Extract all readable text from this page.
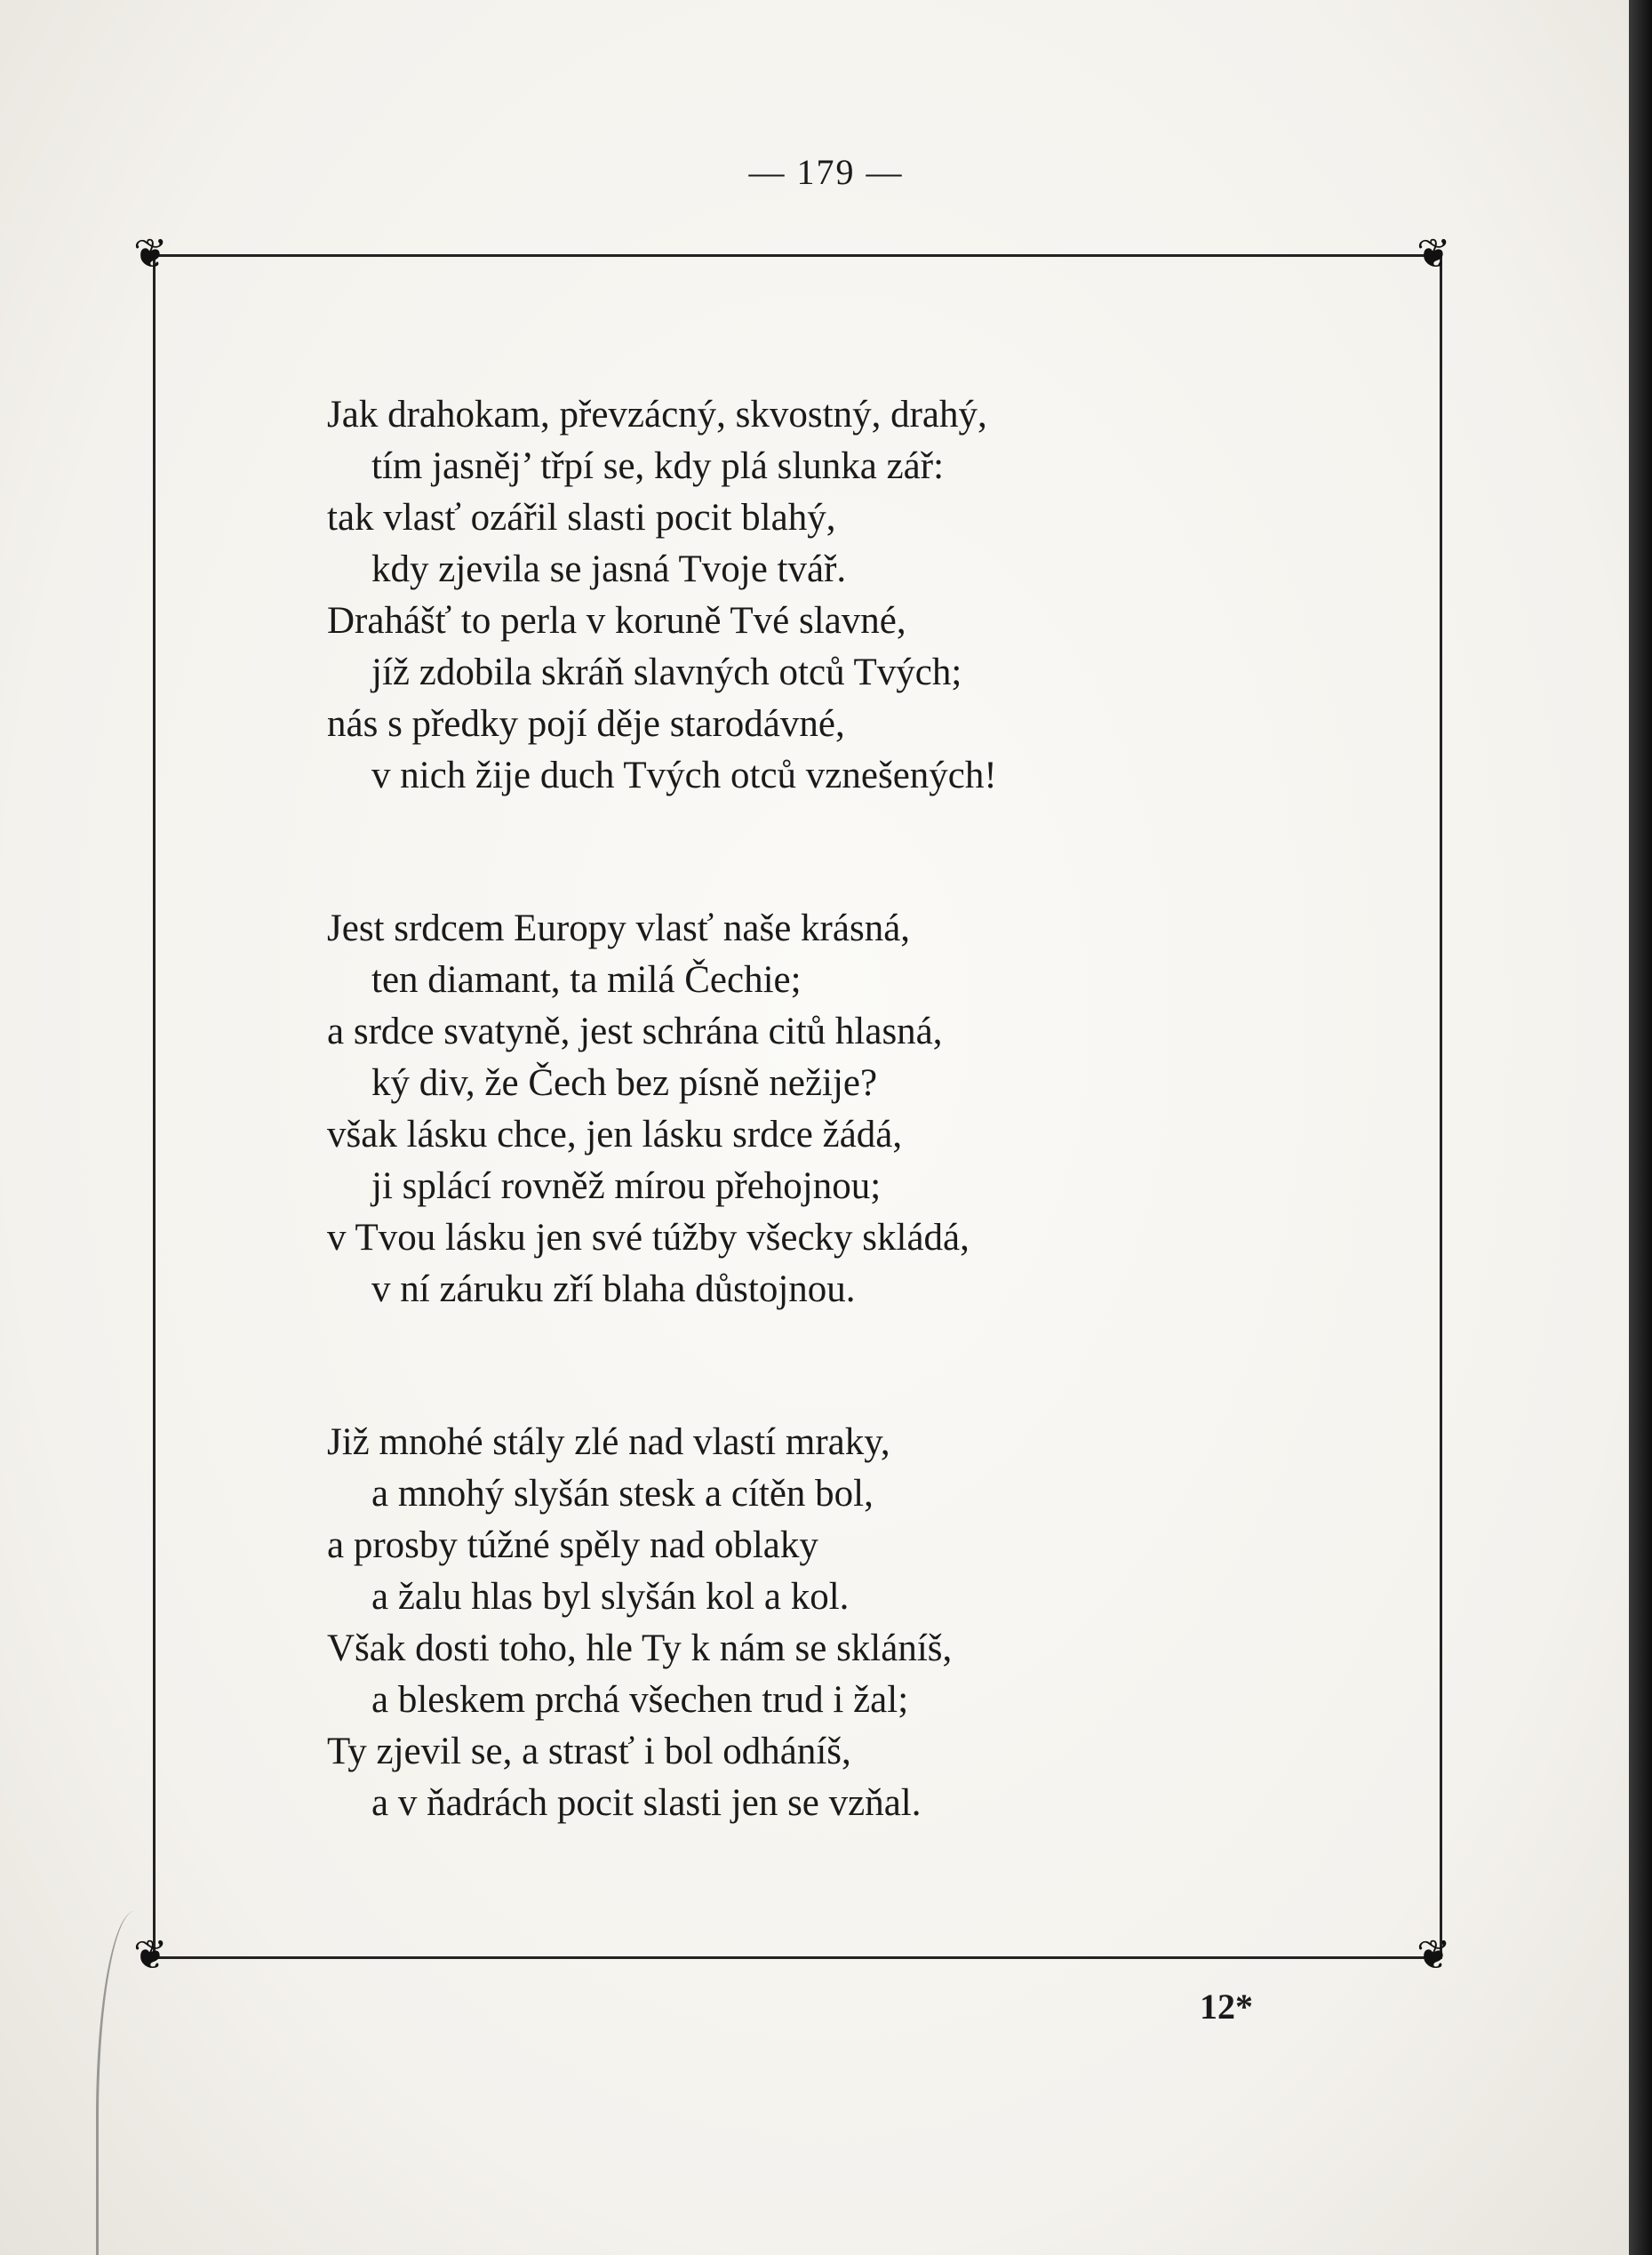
— 179 —
❦	❦
❦	❦
Jak drahokam, převzácný, skvostný, drahý,
tím jasněj’ třpí se, kdy plá slunka zář:
tak vlasť ozářil slasti pocit blahý,
kdy zjevila se jasná Tvoje tvář.
Drahášť to perla v koruně Tvé slavné,
jíž zdobila skráň slavných otců Tvých;
nás s předky pojí děje starodávné,
v nich žije duch Tvých otců vznešených!
Jest srdcem Europy vlasť naše krásná,
ten diamant, ta milá Čechie;
a srdce svatyně, jest schrána citů hlasná,
ký div, že Čech bez písně nežije?
však lásku chce, jen lásku srdce žádá,
ji splácí rovněž mírou přehojnou;
v Tvou lásku jen své túžby všecky skládá,
v ní záruku zří blaha důstojnou.
Již mnohé stály zlé nad vlastí mraky,
a mnohý slyšán stesk a cítěn bol,
a prosby túžné spěly nad oblaky
a žalu hlas byl slyšán kol a kol.
Však dosti toho, hle Ty k nám se skláníš,
a bleskem prchá všechen trud i žal;
Ty zjevil se, a strasť i bol odháníš,
a v ňadrách pocit slasti jen se vzňal.
12*
